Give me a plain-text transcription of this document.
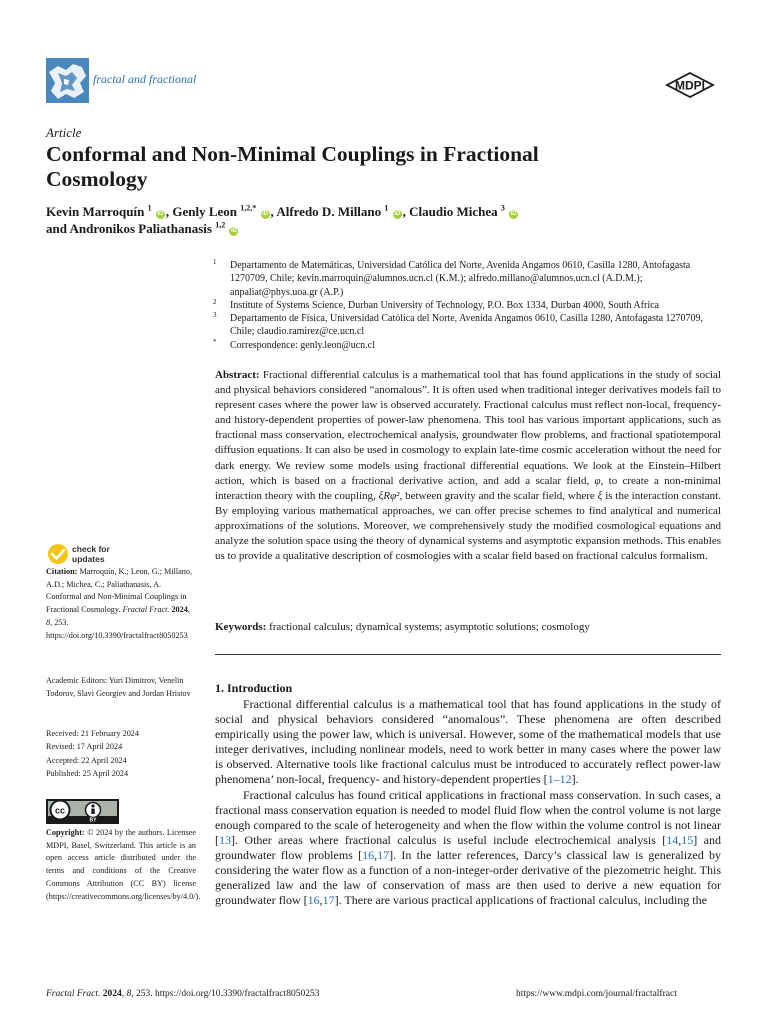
fractal and fractional	MDPI
Article
Conformal and Non-Minimal Couplings in Fractional Cosmology
Kevin Marroquín $^1$ iD , Genly Leon $^{1,2,*}$ iD , Alfredo D. Millano $^1$ iD , Claudio Michea $^3$ iD
and Andronikos Paliathanasis $^{1,2}$ iD
1 Departamento de Matemáticas, Universidad Católica del Norte, Avenida Angamos 0610, Casilla 1280, Antofagasta 1270709, Chile; kevin.marroquin@alumnos.ucn.cl (K.M.); alfredo.millano@alumnos.ucn.cl (A.D.M.); anpaliat@phys.uoa.gr (A.P.)
2 Institute of Systems Science, Durban University of Technology, P.O. Box 1334, Durban 4000, South Africa
3 Departamento de Física, Universidad Católica del Norte, Avenida Angamos 0610, Casilla 1280, Antofagasta 1270709, Chile; claudio.ramirez@ce.ucn.cl
* Correspondence: genly.leon@ucn.cl
Abstract: Fractional differential calculus is a mathematical tool that has found applications in the study of social and physical behaviors considered “anomalous”. It is often used when traditional integer derivatives models fail to represent cases where the power law is observed accurately. Fractional calculus must reflect non-local, frequency- and history-dependent properties of power-law phenomena. This tool has various important applications, such as fractional mass conservation, electrochemical analysis, groundwater flow problems, and fractional spatiotemporal diffusion equations. It can also be used in cosmology to explain late-time cosmic acceleration without the need for dark energy. We review some models using fractional differential equations. We look at the Einstein–Hilbert action, which is based on a fractional derivative action, and add a scalar field, φ, to create a non-minimal interaction theory with the coupling, ξRφ², between gravity and the scalar field, where ξ is the interaction constant. By employing various mathematical approaches, we can offer precise schemes to find analytical and numerical approximations of the solutions. Moreover, we comprehensively study the modified cosmological equations and analyze the solution space using the theory of dynamical systems and asymptotic expansion methods. This enables us to provide a qualitative description of cosmologies with a scalar field based on fractional calculus formalism.
Keywords: fractional calculus; dynamical systems; asymptotic solutions; cosmology
check for
updates
Citation: Marroquín, K.; Leon, G.; Millano, A.D.; Michea, C.; Paliathanasis, A. Conformal and Non-Minimal Couplings in Fractional Cosmology. Fractal Fract. 2024, 8, 253. https://doi.org/10.3390/fractalfract8050253
Academic Editors: Yuri Dimitrov, Venelin Todorov, Slavi Georgiev and Jordan Hristov
Received: 21 February 2024
Revised: 17 April 2024
Accepted: 22 April 2024
Published: 25 April 2024
cc
BY
Copyright: © 2024 by the authors. Licensee MDPI, Basel, Switzerland. This article is an open access article distributed under the terms and conditions of the Creative Commons Attribution (CC BY) license (https://creativecommons.org/licenses/by/4.0/).
1. Introduction

Fractional differential calculus is a mathematical tool that has found applications in the study of social and physical behaviors considered “anomalous”. These phenomena are often described empirically using the power law, which is universal. However, some of the mathematical models that use integer derivatives, including nonlinear models, need to work better in many cases where the power law is observed. Alternative tools like fractional calculus must be introduced to accurately reflect power-law phenomena’ non-local, frequency- and history-dependent properties [1–12].

Fractional calculus has found critical applications in fractional mass conservation. In such cases, a fractional mass conservation equation is needed to model fluid flow when the control volume is not large enough compared to the scale of heterogeneity and when the flow within the volume control is not linear [13]. Other areas where fractional calculus is useful include electrochemical analysis [14,15] and groundwater flow problems [16,17]. In the latter references, Darcy’s classical law is generalized by considering the water flow as a function of a non-integer-order derivative of the piezometric height. This generalized law and the law of conservation of mass are then used to derive a new equation for groundwater flow [16,17]. There are various practical applications of fractional calculus, including the

Fractal Fract. 2024, 8, 253. https://doi.org/10.3390/fractalfract8050253	https://www.mdpi.com/journal/fractalfract
